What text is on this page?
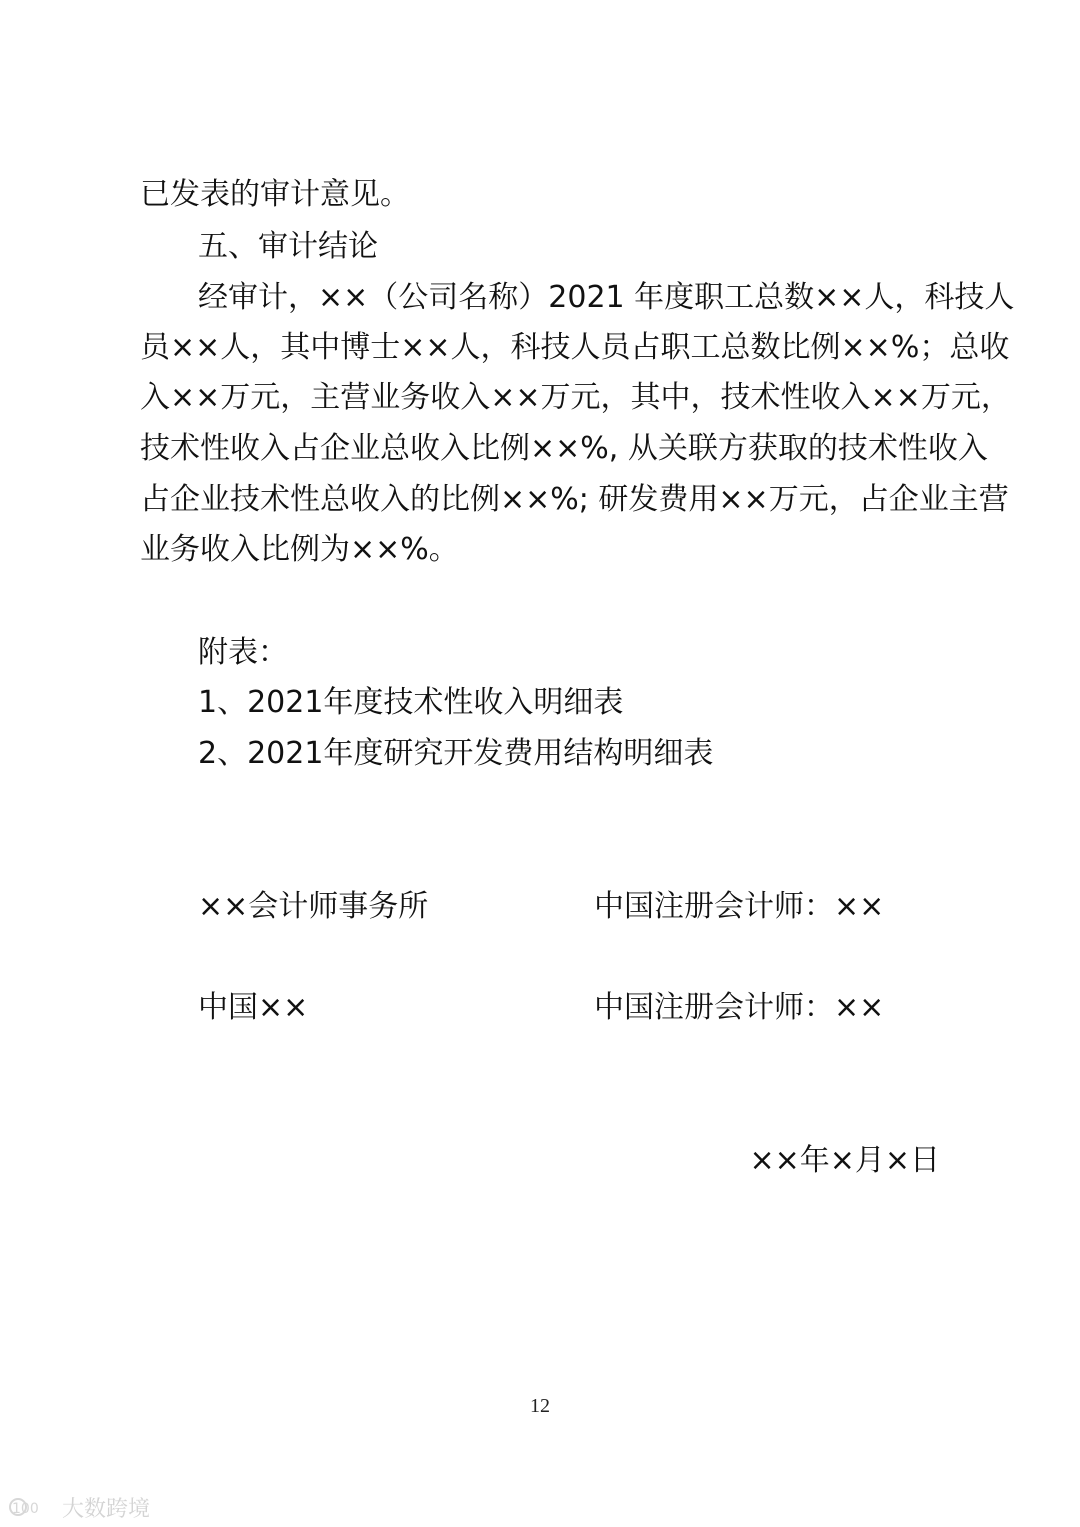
已发表的审计意见。
五、审计结论
经审计，××（公司名称）2021 年度职工总数××人，科技人
员××人，其中博士××人，科技人员占职工总数比例××%；总收
入××万元，主营业务收入××万元，其中，技术性收入××万元，
技术性收入占企业总收入比例××%, 从关联方获取的技术性收入
占企业技术性总收入的比例××%; 研发费用××万元，占企业主营
业务收入比例为××%。
附表：
1、2021年度技术性收入明细表
2、2021年度研究开发费用结构明细表
××会计师事务所	中国注册会计师：××
中国××	中国注册会计师：××
××年×月×日
12
100 大数跨境
